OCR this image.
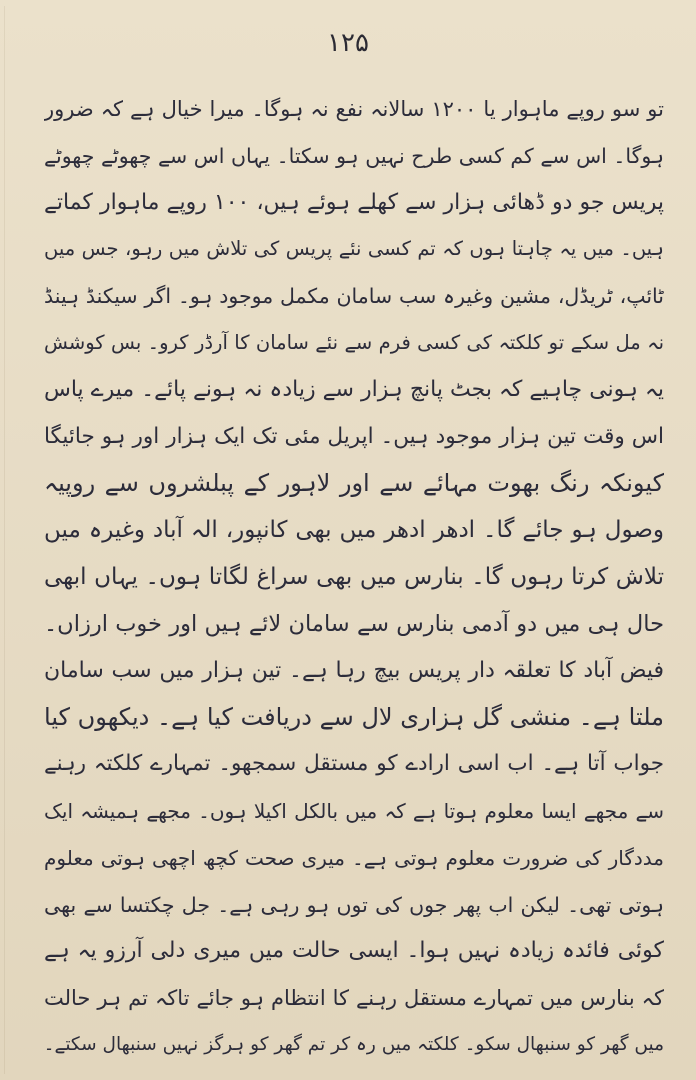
۱۲۵
تو سو روپے ماہوار یا ۱۲۰۰ سالانہ نفع نہ ہوگا۔ میرا خیال ہے کہ ضرور
ہوگا۔ اس سے کم کسی طرح نہیں ہو سکتا۔ یہاں اس سے چھوٹے چھوٹے
پریس جو دو ڈھائی ہزار سے کھلے ہوئے ہیں، ۱۰۰ روپے ماہوار کماتے
ہیں۔ میں یہ چاہتا ہوں کہ تم کسی نئے پریس کی تلاش میں رہو، جس میں
ٹائپ، ٹریڈل، مشین وغیرہ سب سامان مکمل موجود ہو۔ اگر سیکنڈ ہینڈ
نہ مل سکے تو کلکتہ کی کسی فرم سے نئے سامان کا آرڈر کرو۔ بس کوشش
یہ ہونی چاہیے کہ بجٹ پانچ ہزار سے زیادہ نہ ہونے پائے۔ میرے پاس
اس وقت تین ہزار موجود ہیں۔ اپریل مئی تک ایک ہزار اور ہو جائیگا
کیونکہ رنگ بھوت مہائے سے اور لاہور کے پبلشروں سے روپیہ
وصول ہو جائے گا۔ ادھر ادھر میں بھی کانپور، الہ آباد وغیرہ میں
تلاش کرتا رہوں گا۔ بنارس میں بھی سراغ لگاتا ہوں۔ یہاں ابھی
حال ہی میں دو آدمی بنارس سے سامان لائے ہیں اور خوب ارزاں۔
فیض آباد کا تعلقہ دار پریس بیچ رہا ہے۔ تین ہزار میں سب سامان
ملتا ہے۔ منشی گل ہزاری لال سے دریافت کیا ہے۔ دیکھوں کیا
جواب آتا ہے۔ اب اسی ارادے کو مستقل سمجھو۔ تمہارے کلکتہ رہنے
سے مجھے ایسا معلوم ہوتا ہے کہ میں بالکل اکیلا ہوں۔ مجھے ہمیشہ ایک
مددگار کی ضرورت معلوم ہوتی ہے۔ میری صحت کچھ اچھی ہوتی معلوم
ہوتی تھی۔ لیکن اب پھر جوں کی توں ہو رہی ہے۔ جل چکتسا سے بھی
کوئی فائدہ زیادہ نہیں ہوا۔ ایسی حالت میں میری دلی آرزو یہ ہے
کہ بنارس میں تمہارے مستقل رہنے کا انتظام ہو جائے تاکہ تم ہر حالت
میں گھر کو سنبھال سکو۔ کلکتہ میں رہ کر تم گھر کو ہرگز نہیں سنبھال سکتے۔
